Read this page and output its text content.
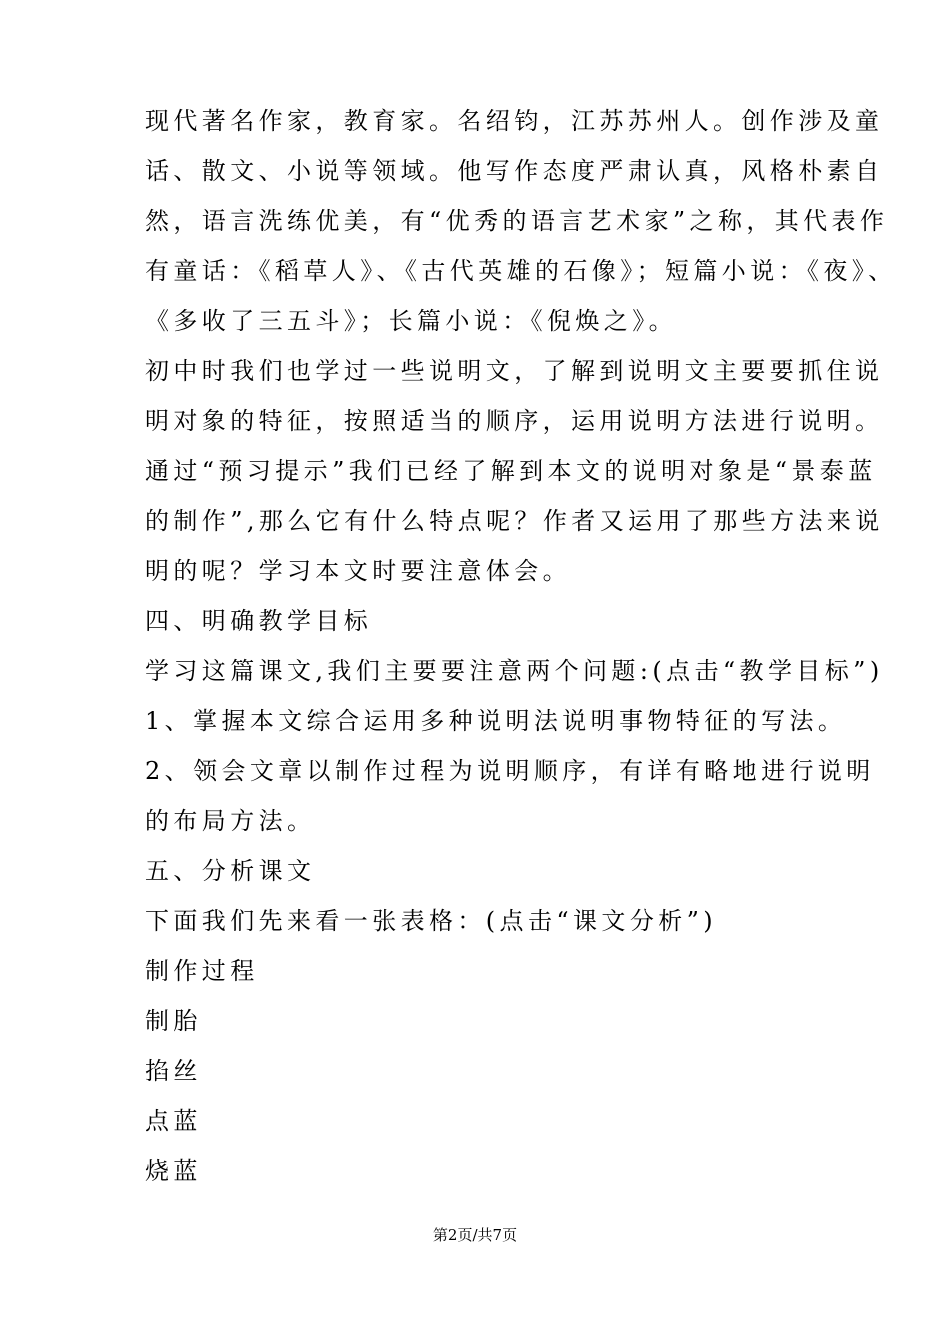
现代著名作家，教育家。名绍钧，江苏苏州人。创作涉及童
话、散文、小说等领域。他写作态度严肃认真，风格朴素自
然，语言洗练优美，有“优秀的语言艺术家”之称，其代表作
有童话：《稻草人》、《古代英雄的石像》；短篇小说：《夜》、
《多收了三五斗》；长篇小说：《倪焕之》。
初中时我们也学过一些说明文，了解到说明文主要要抓住说
明对象的特征，按照适当的顺序，运用说明方法进行说明。
通过“预习提示”我们已经了解到本文的说明对象是“景泰蓝
的制作”,那么它有什么特点呢？作者又运用了那些方法来说
明的呢？学习本文时要注意体会。
四、明确教学目标
学习这篇课文,我们主要要注意两个问题:(点击“教学目标”)
1、掌握本文综合运用多种说明法说明事物特征的写法。
2、领会文章以制作过程为说明顺序，有详有略地进行说明
的布局方法。
五、分析课文
下面我们先来看一张表格：(点击“课文分析”)
制作过程
制胎
掐丝
点蓝
烧蓝
第2页/共7页
